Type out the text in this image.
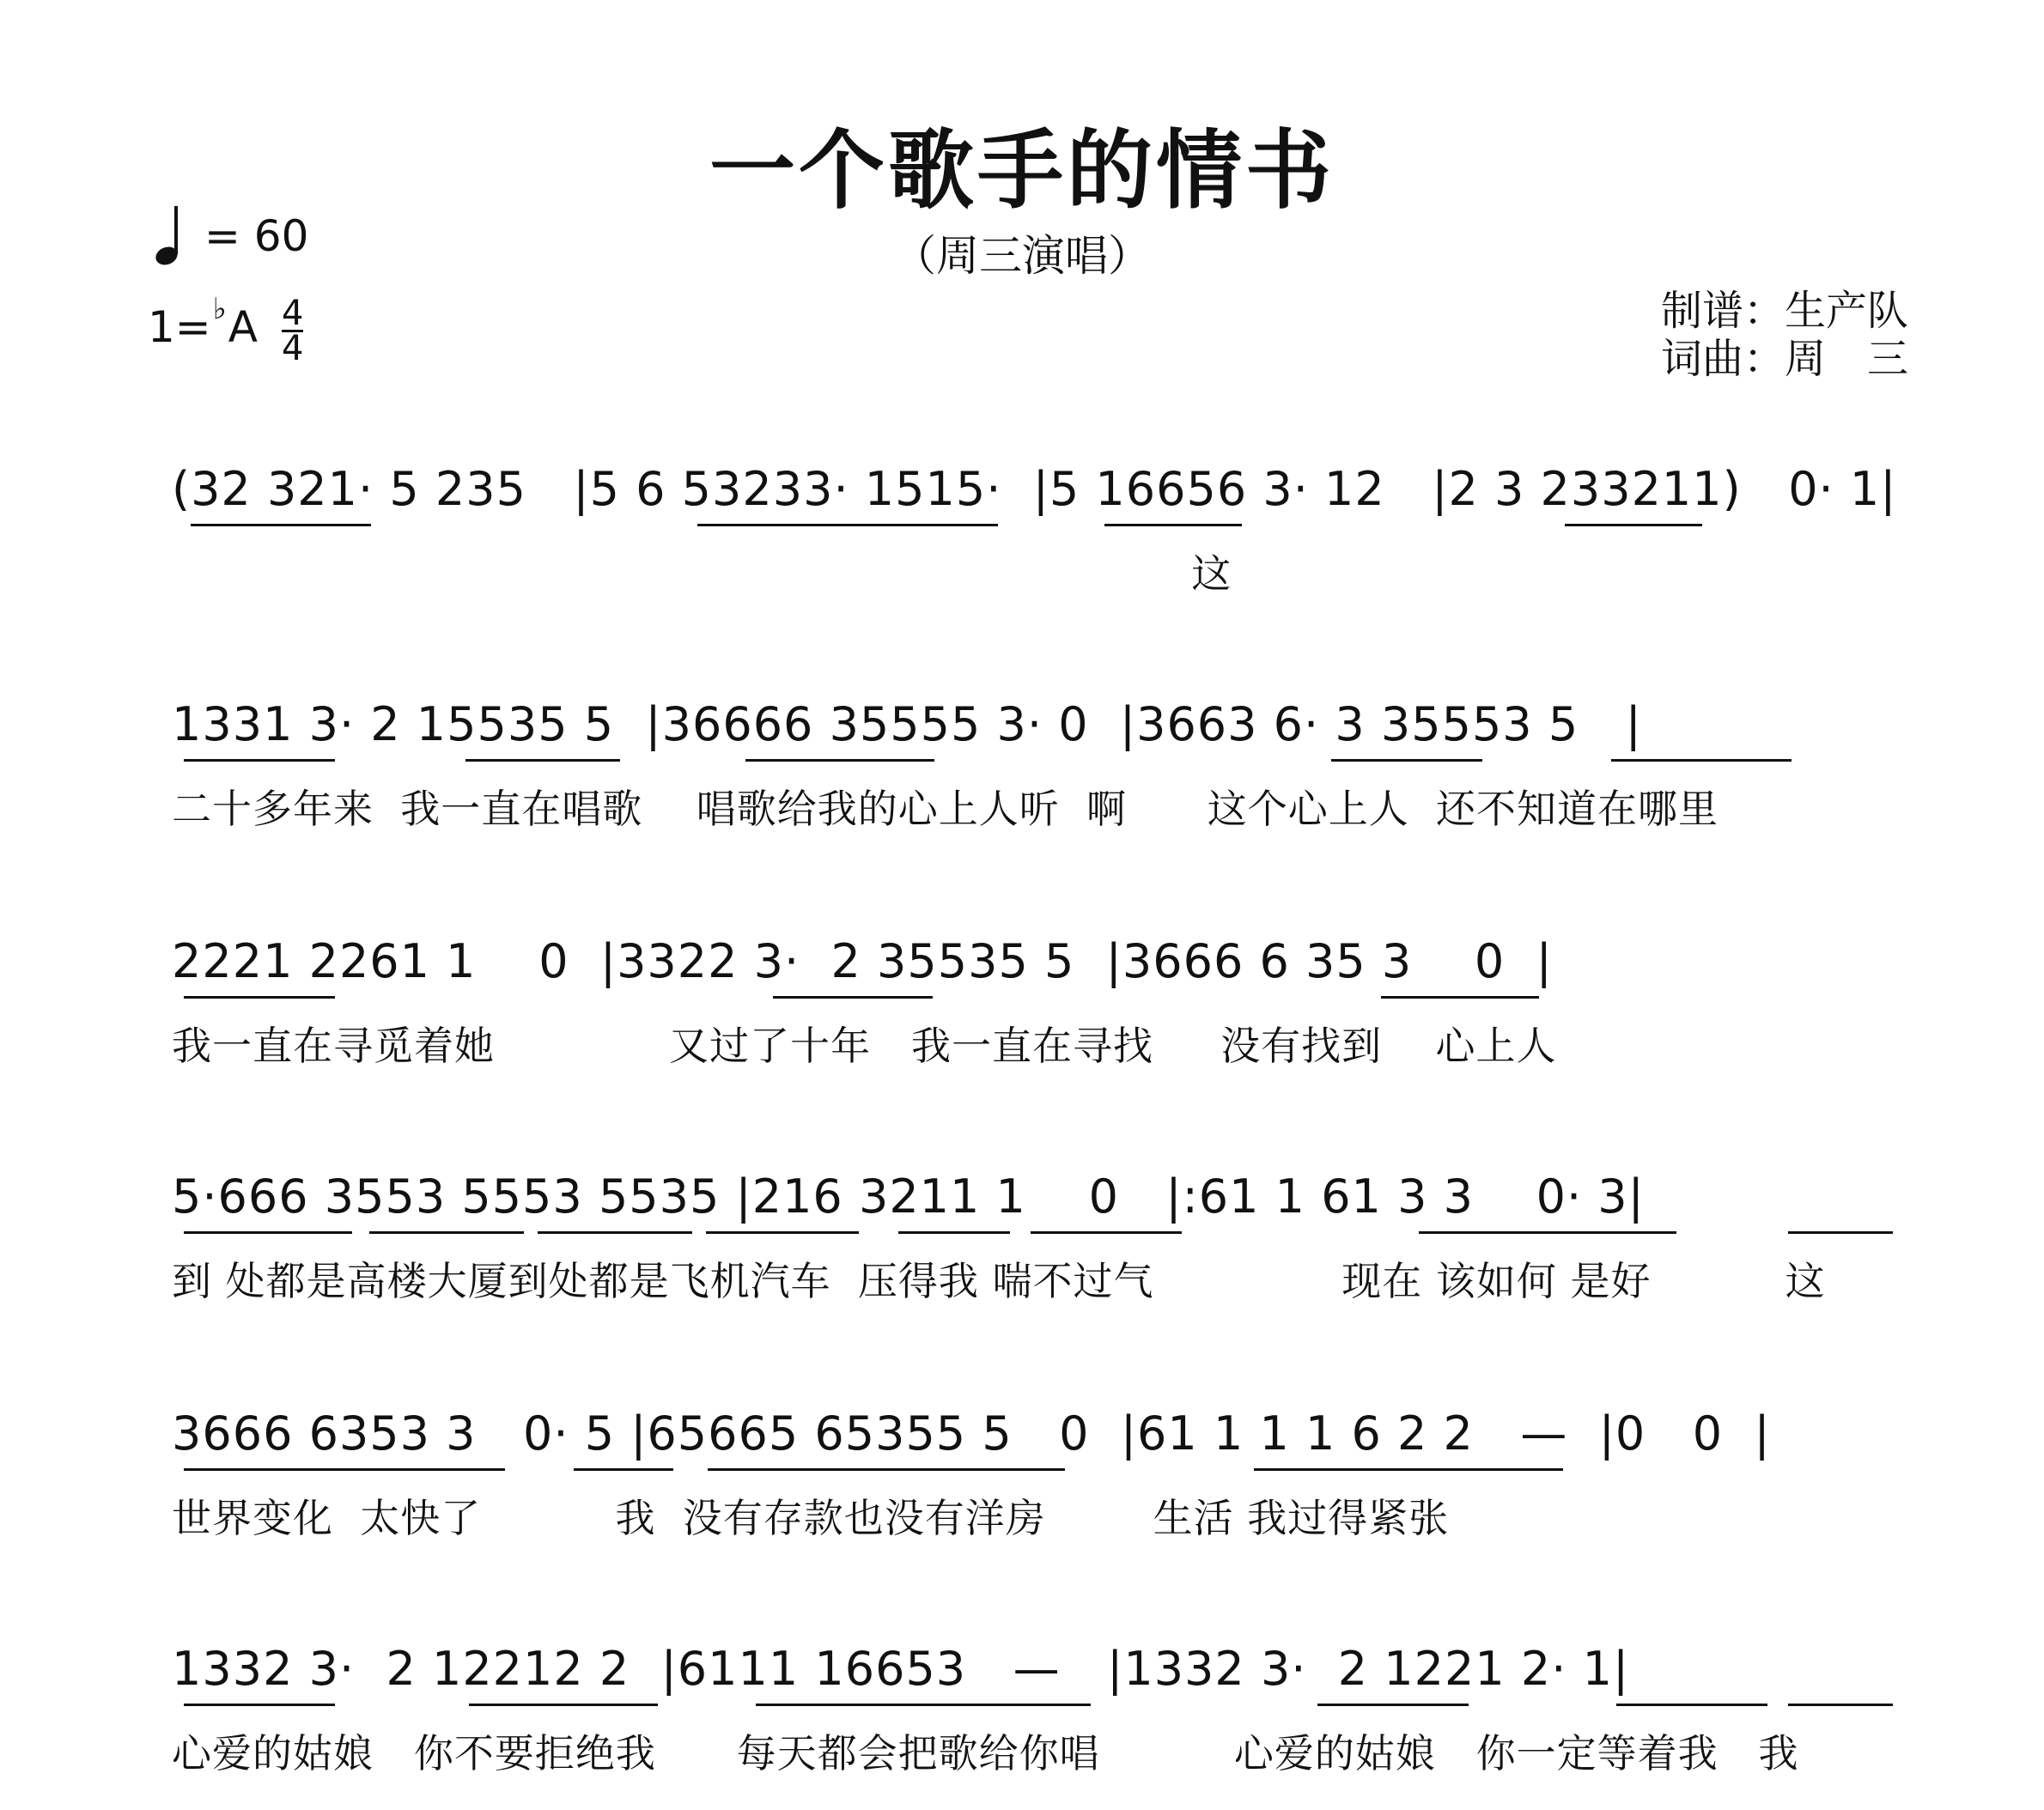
一个歌手的情书
（周三演唱）
= 60
1= ♭ A 4
4
制谱：生产队
词曲：周　三
(32 321· 5 235   |5 6 53233· 1515·  |5 16656 3· 12   |2 3 233211)   0· 1|
这
1331 3· 2 15535 5  |36666 35555 3· 0  |3663 6· 3 35553 5   |
二十多年来  我一直在唱歌    唱歌给我的心上人听  啊      这个心上人  还不知道在哪里
2221 2261 1    0  |3322 3·  2 35535 5  |3666 6 35 3    0  |
我一直在寻觅着她             又过了十年   我一直在寻找     没有找到    心上人
5·666 3553 5553 5535 |216 3211 1    0   |:61 1 61 3 3    0· 3|
到 处都是高楼大厦到处都是飞机汽车  压得我 喘不过气              现在 该如何 是好          这
3666 6353 3   0· 5 |65665 65355 5   0  |61 1 1 1 6 2 2   —  |0   0  |
世界变化  太快了          我  没有存款也没有洋房        生活 我过得紧张
1332 3·  2 12212 2  |6111 16653   —   |1332 3·  2 1221 2· 1|
心爱的姑娘   你不要拒绝我      每天都会把歌给你唱          心爱的姑娘   你一定等着我   我
